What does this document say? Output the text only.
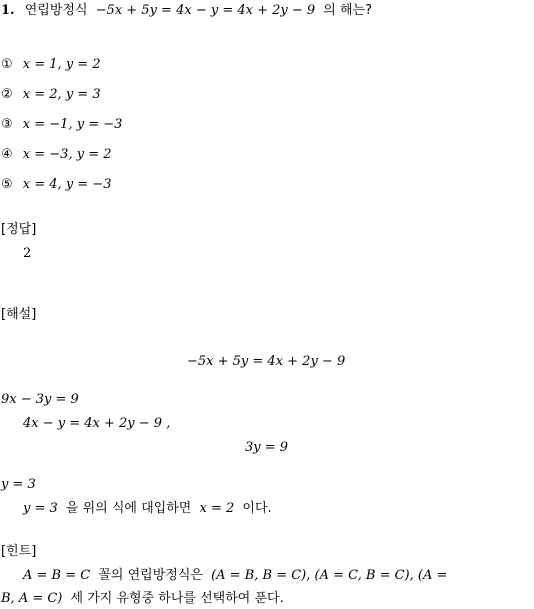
1. 연립방정식 −5x + 5y = 4x − y = 4x + 2y − 9 의 해는?
① x = 1, y = 2
② x = 2, y = 3
③ x = −1, y = −3
④ x = −3, y = 2
⑤ x = 4, y = −3
[정답]
2
[해설]
−5x + 5y = 4x + 2y − 9
9x − 3y = 9
4x − y = 4x + 2y − 9 ,
3y = 9
y = 3
y = 3 을 위의 식에 대입하면 x = 2 이다.
[힌트]
A = B = C 꼴의 연립방정식은 (A = B, B = C), (A = C, B = C), (A =
B, A = C) 세 가지 유형중 하나를 선택하여 푼다.
